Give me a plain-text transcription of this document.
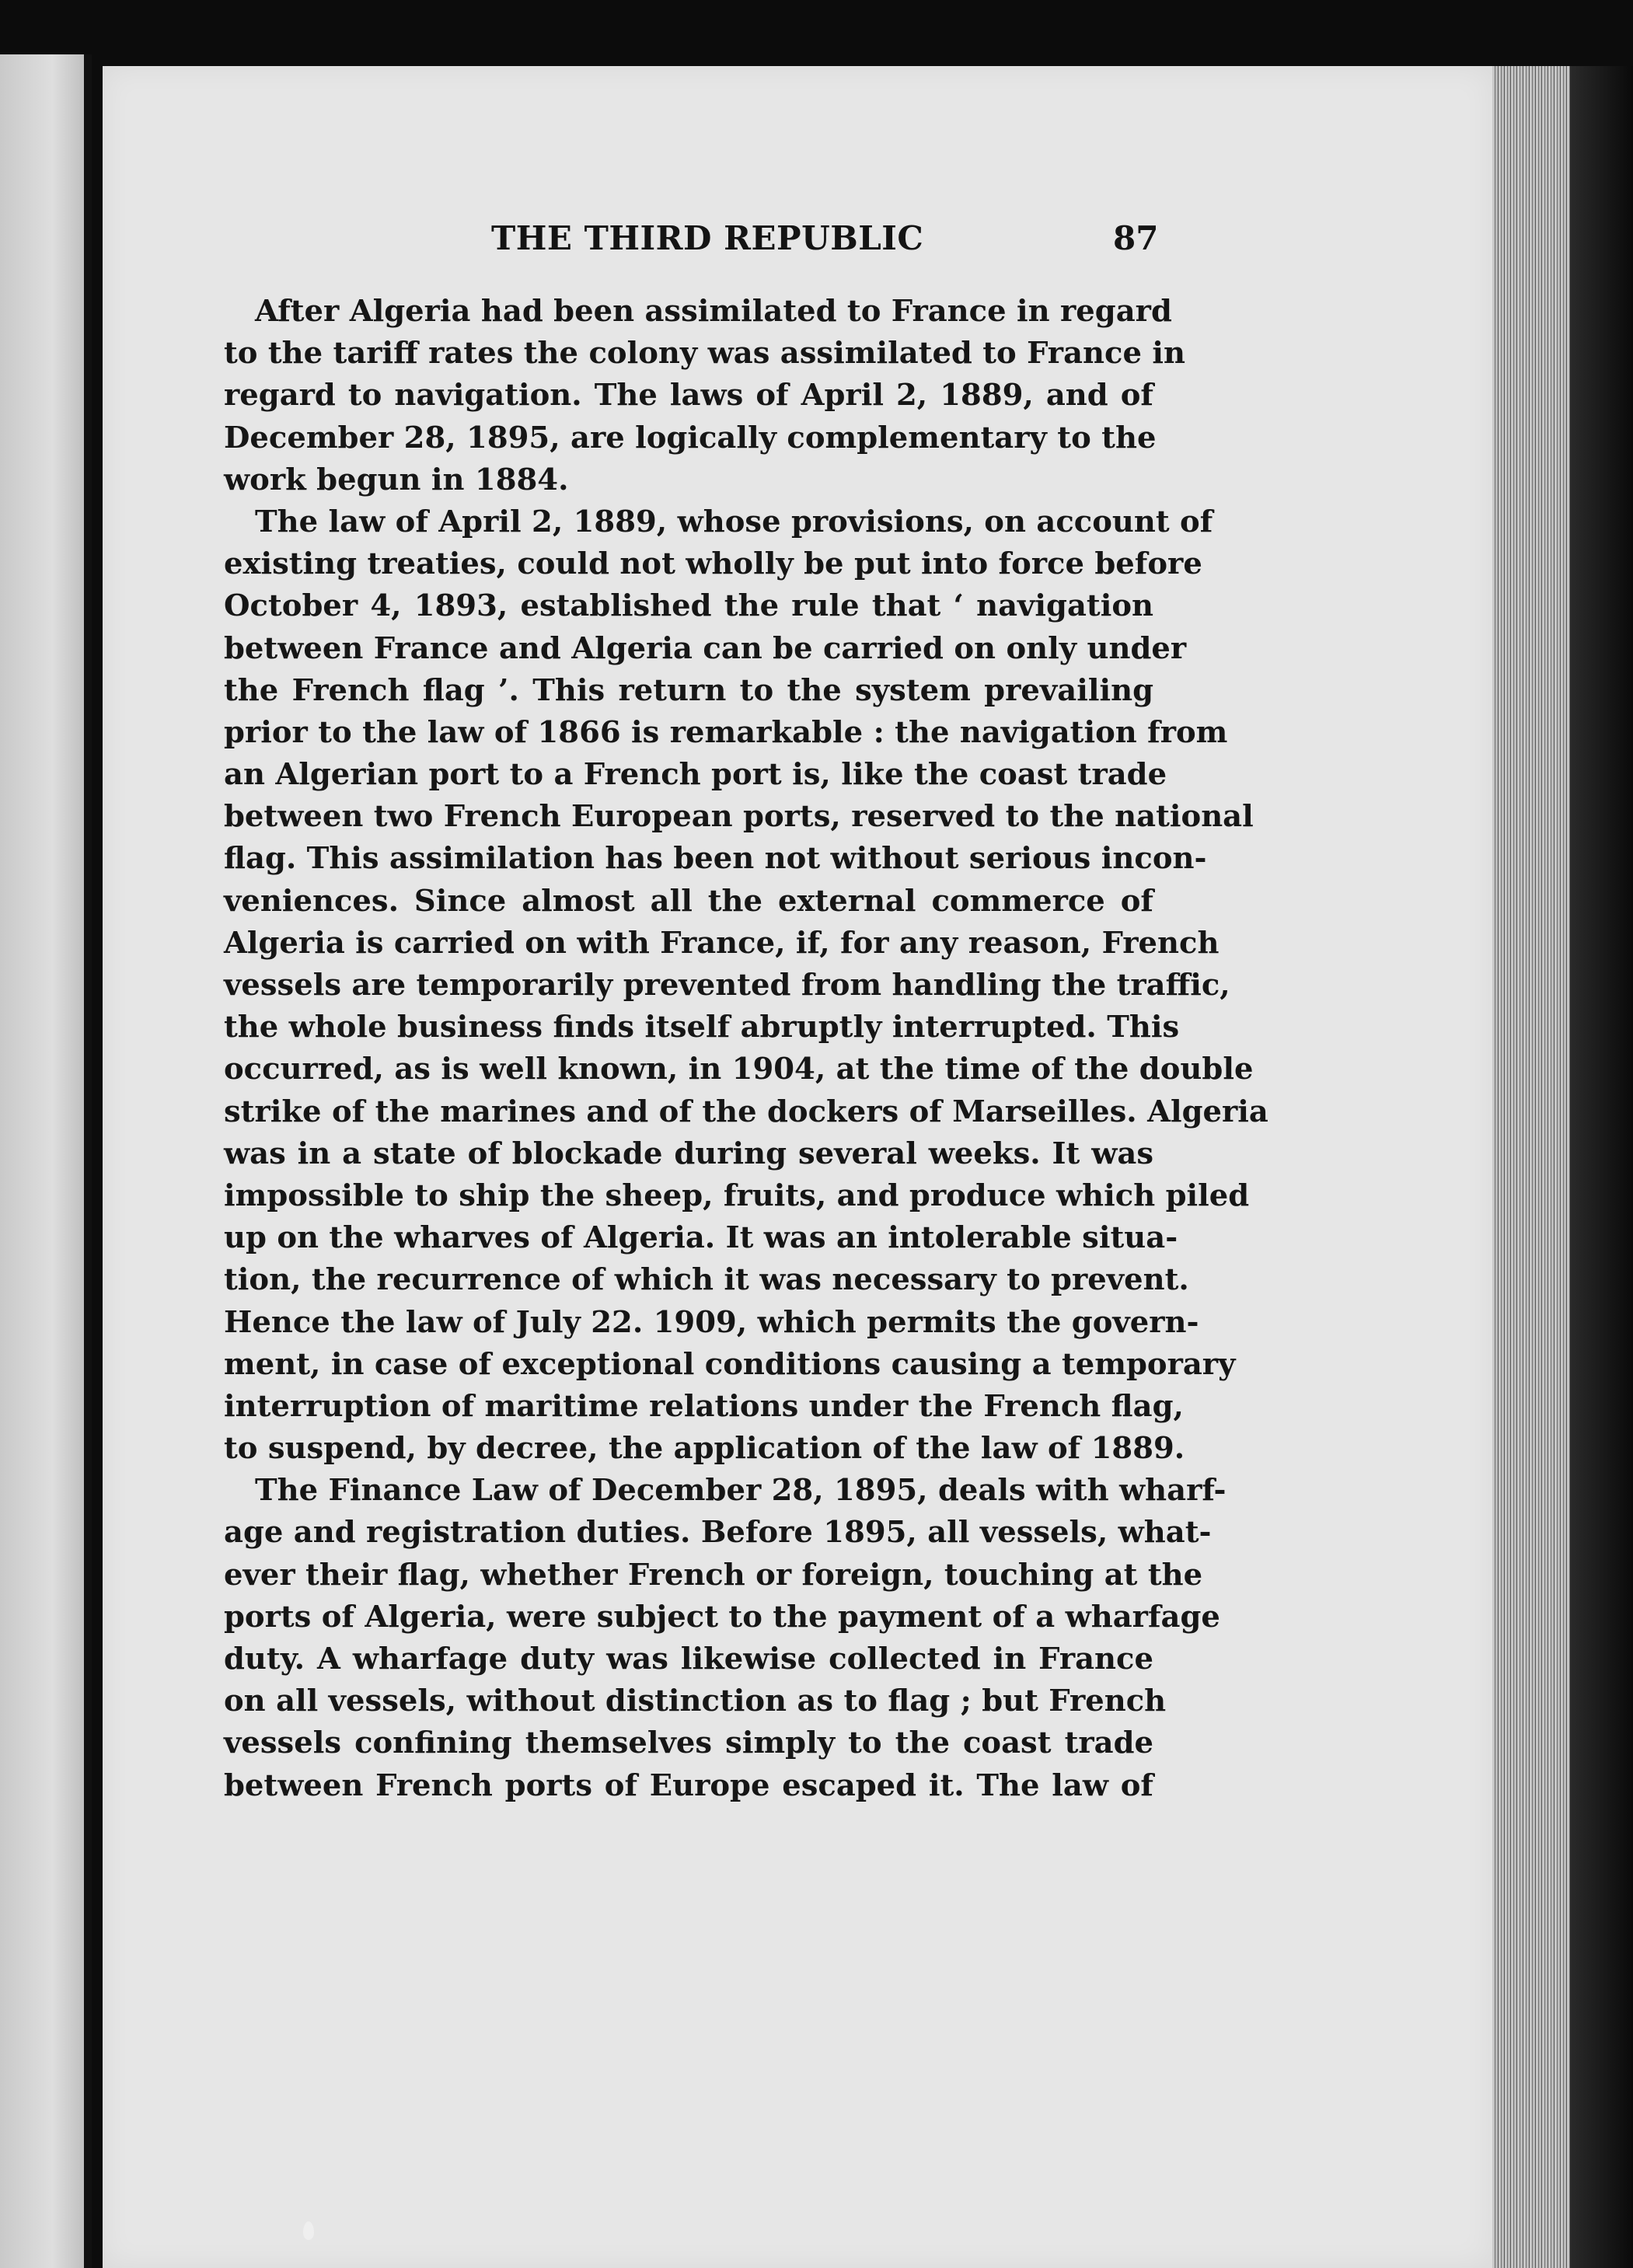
THE THIRD REPUBLIC	87
After Algeria had been assimilated to France in regard
to the tariff rates the colony was assimilated to France in
regard to navigation. The laws of April 2, 1889, and of
December 28, 1895, are logically complementary to the
work begun in 1884.
The law of April 2, 1889, whose provisions, on account of
existing treaties, could not wholly be put into force before
October 4, 1893, established the rule that ‘ navigation
between France and Algeria can be carried on only under
the French flag ’. This return to the system prevailing
prior to the law of 1866 is remarkable : the navigation from
an Algerian port to a French port is, like the coast trade
between two French European ports, reserved to the national
flag. This assimilation has been not without serious incon-
veniences. Since almost all the external commerce of
Algeria is carried on with France, if, for any reason, French
vessels are temporarily prevented from handling the traffic,
the whole business finds itself abruptly interrupted. This
occurred, as is well known, in 1904, at the time of the double
strike of the marines and of the dockers of Marseilles. Algeria
was in a state of blockade during several weeks. It was
impossible to ship the sheep, fruits, and produce which piled
up on the wharves of Algeria. It was an intolerable situa-
tion, the recurrence of which it was necessary to prevent.
Hence the law of July 22. 1909, which permits the govern-
ment, in case of exceptional conditions causing a temporary
interruption of maritime relations under the French flag,
to suspend, by decree, the application of the law of 1889.
The Finance Law of December 28, 1895, deals with wharf-
age and registration duties. Before 1895, all vessels, what-
ever their flag, whether French or foreign, touching at the
ports of Algeria, were subject to the payment of a wharfage
duty. A wharfage duty was likewise collected in France
on all vessels, without distinction as to flag ; but French
vessels confining themselves simply to the coast trade
between French ports of Europe escaped it. The law of
